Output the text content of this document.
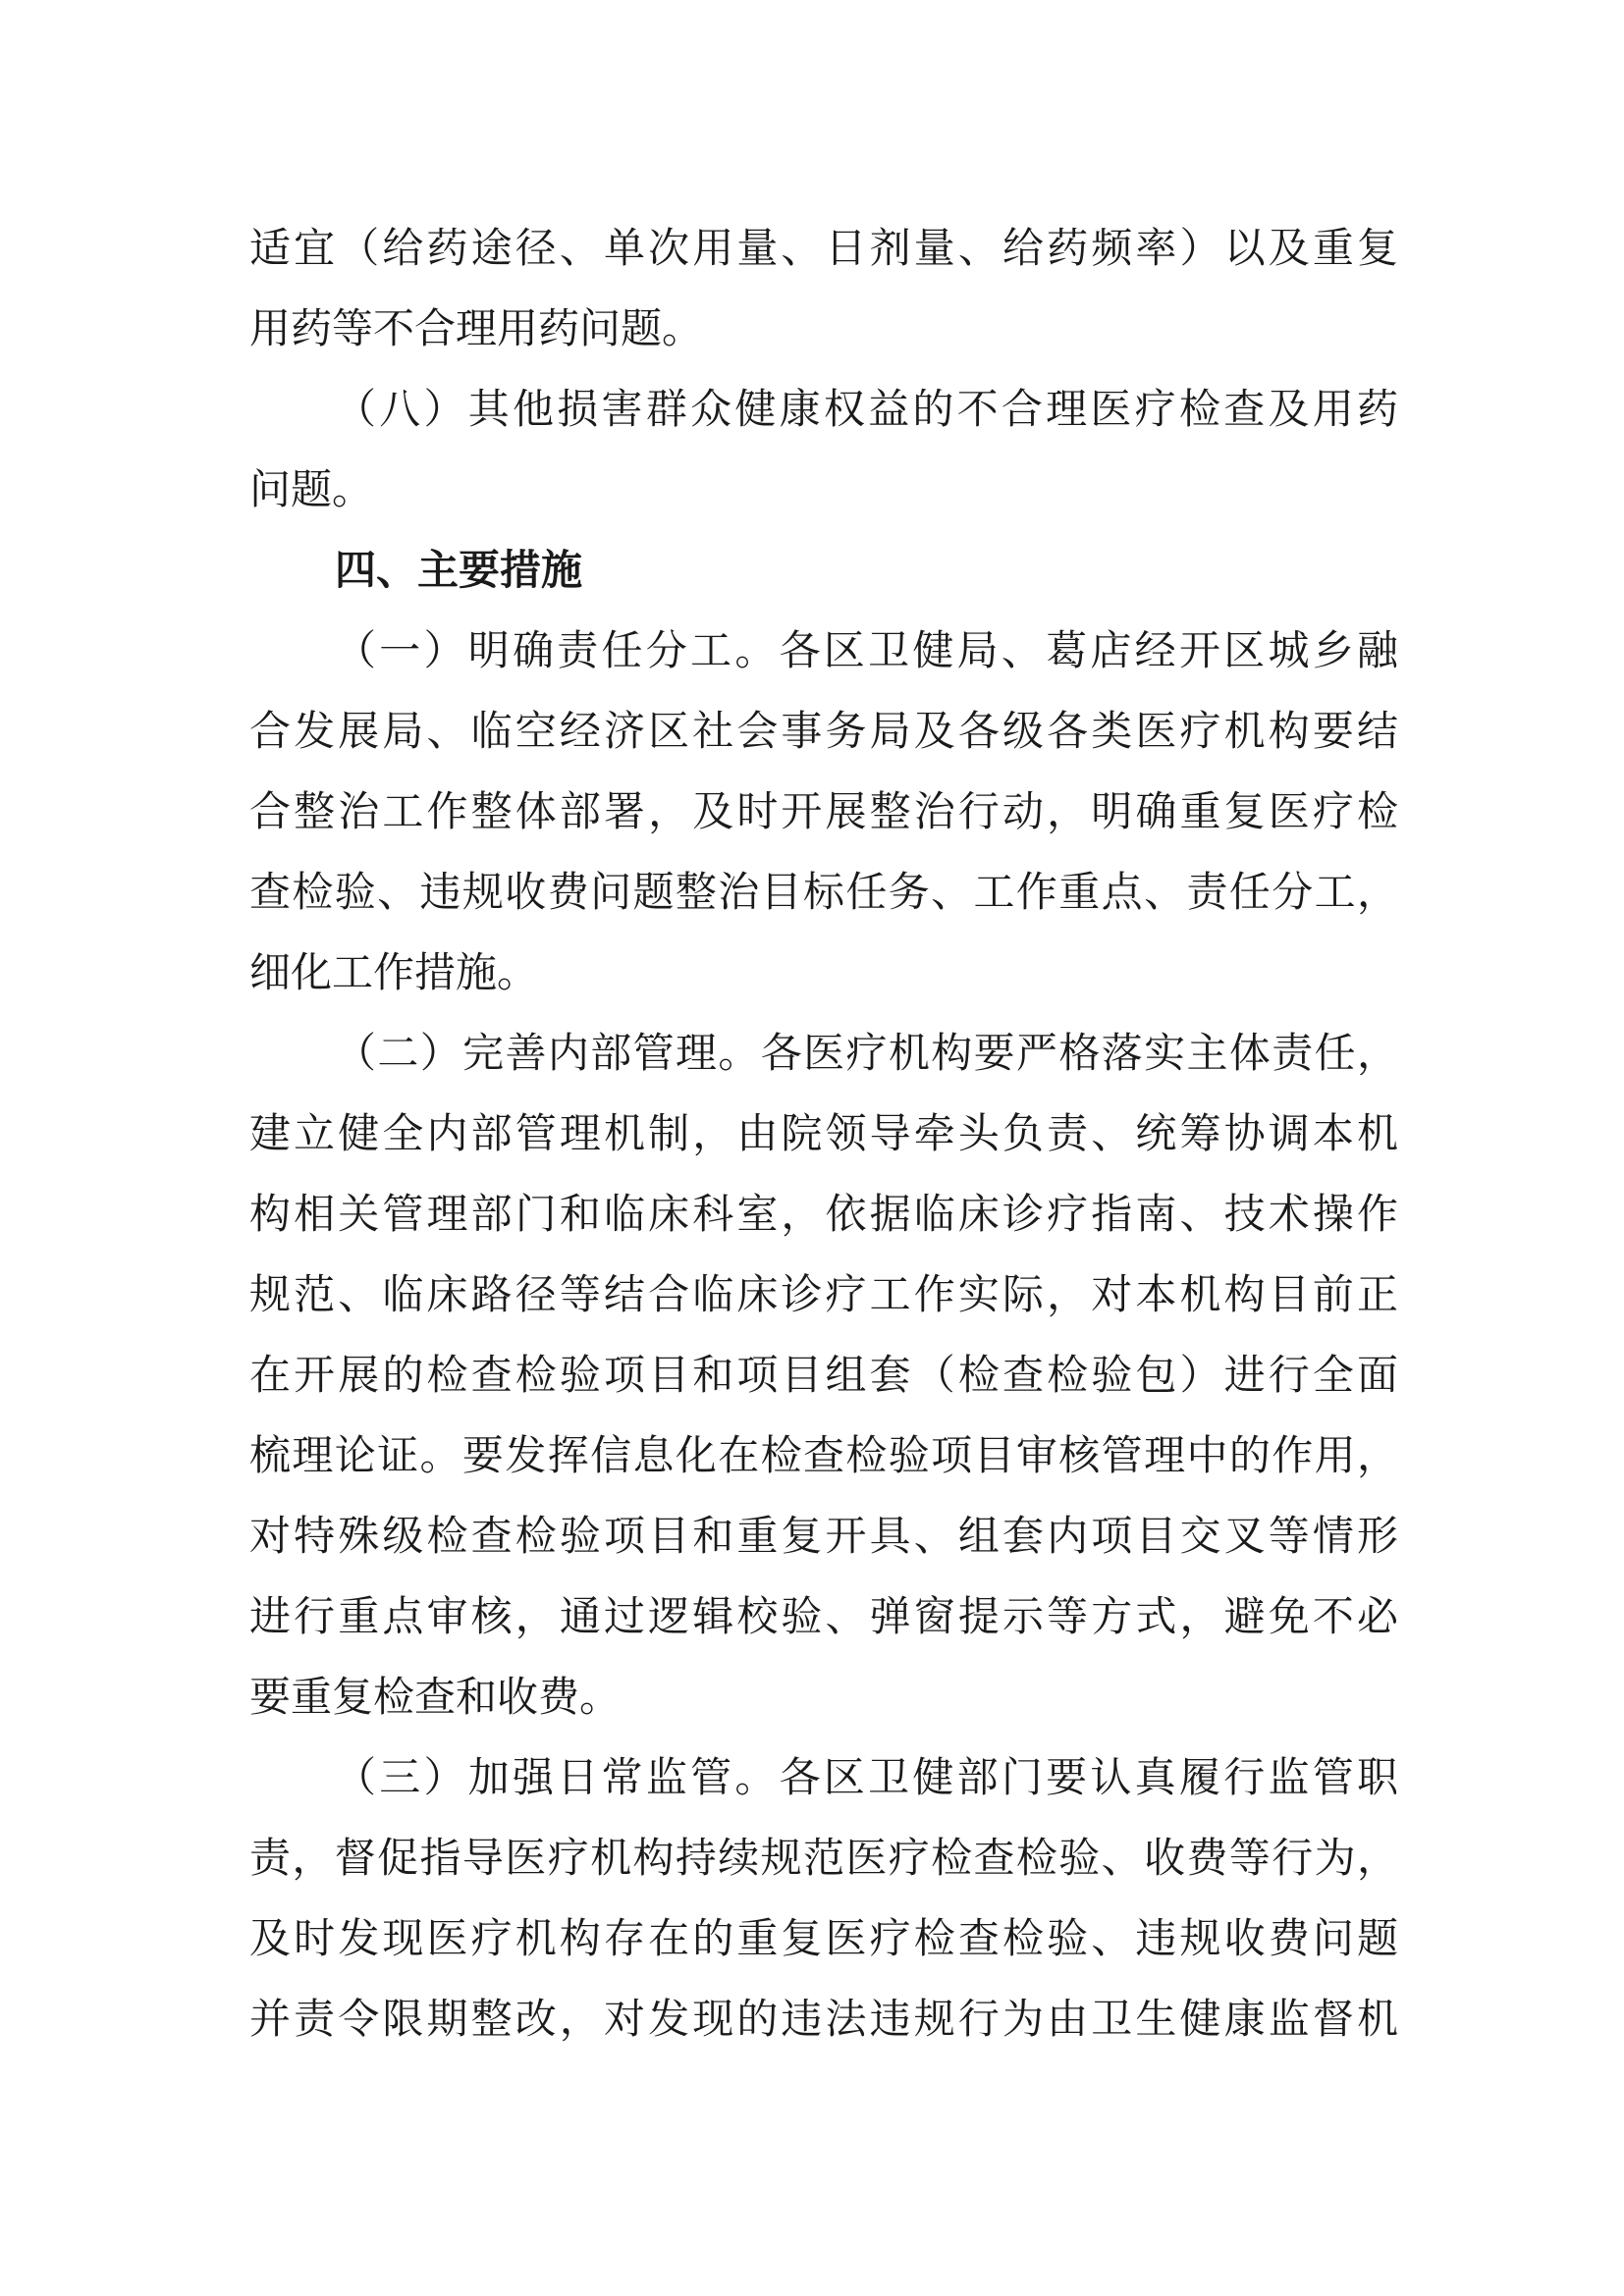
适宜（给药途径、单次用量、日剂量、给药频率）以及重复
用药等不合理用药问题。
（八）其他损害群众健康权益的不合理医疗检查及用药
问题。
四、主要措施
（一）明确责任分工。各区卫健局、葛店经开区城乡融
合发展局、临空经济区社会事务局及各级各类医疗机构要结
合整治工作整体部署，及时开展整治行动，明确重复医疗检
查检验、违规收费问题整治目标任务、工作重点、责任分工，
细化工作措施。
（二）完善内部管理。各医疗机构要严格落实主体责任，
建立健全内部管理机制，由院领导牵头负责、统筹协调本机
构相关管理部门和临床科室，依据临床诊疗指南、技术操作
规范、临床路径等结合临床诊疗工作实际，对本机构目前正
在开展的检查检验项目和项目组套（检查检验包）进行全面
梳理论证。要发挥信息化在检查检验项目审核管理中的作用，
对特殊级检查检验项目和重复开具、组套内项目交叉等情形
进行重点审核，通过逻辑校验、弹窗提示等方式，避免不必
要重复检查和收费。
（三）加强日常监管。各区卫健部门要认真履行监管职
责，督促指导医疗机构持续规范医疗检查检验、收费等行为，
及时发现医疗机构存在的重复医疗检查检验、违规收费问题
并责令限期整改，对发现的违法违规行为由卫生健康监督机
